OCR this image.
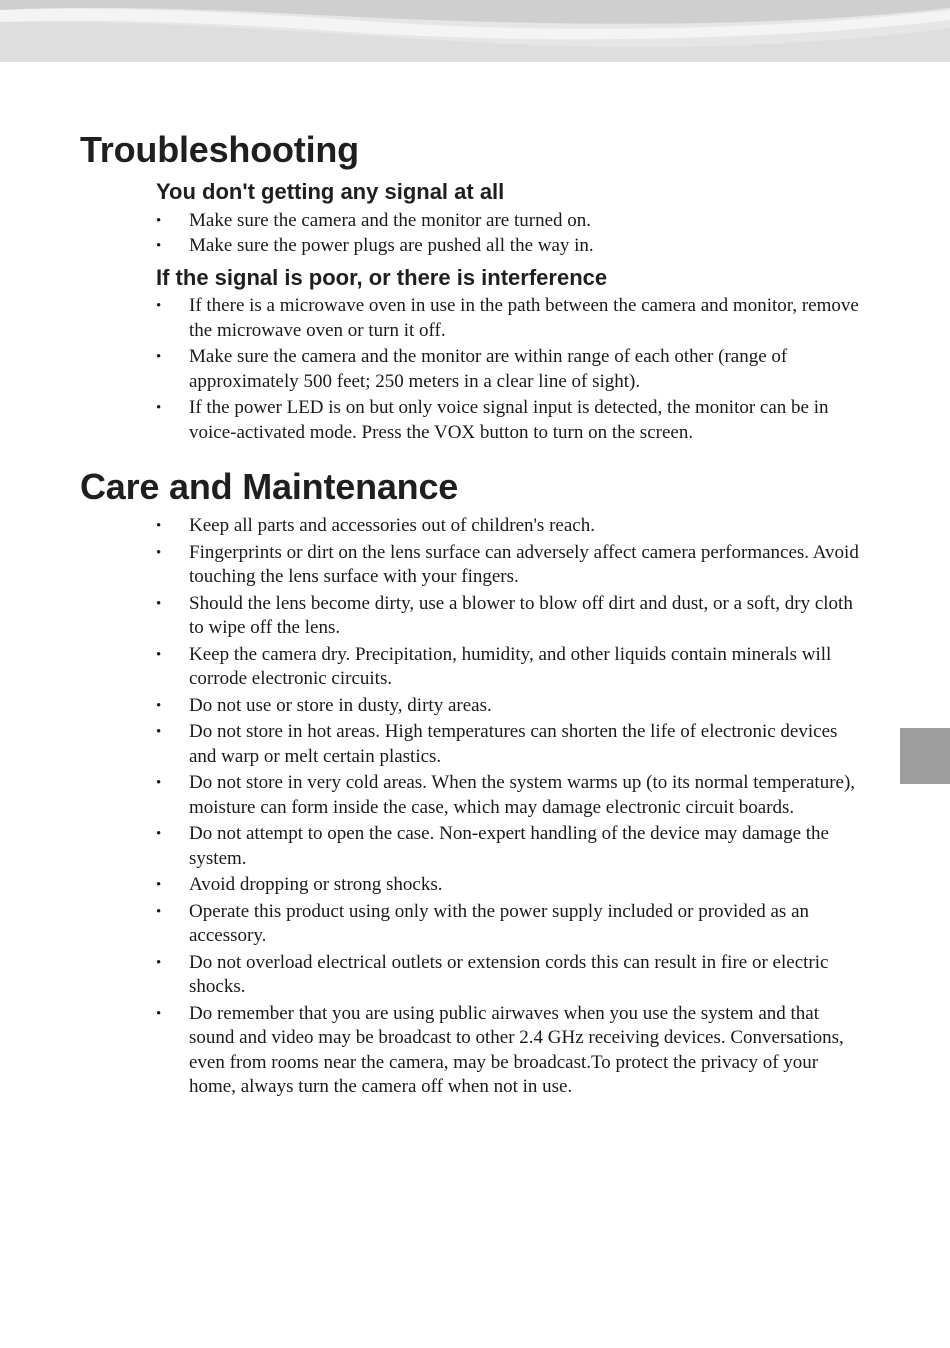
Troubleshooting
You don't getting any signal at all
• Make sure the camera and the monitor are turned on.
• Make sure the power plugs are pushed all the way in.
If the signal is poor, or there is interference
• If there is a microwave oven in use in the path between the camera and monitor, remove the microwave oven or turn it off.
• Make sure the camera and the monitor are within range of each other (range of approximately 500 feet; 250 meters in a clear line of sight).
• If the power LED is on but only voice signal input is detected, the monitor can be in voice-activated mode. Press the VOX button to turn on the screen.
Care and Maintenance
• Keep all parts and accessories out of children's reach.
• Fingerprints or dirt on the lens surface can adversely affect camera performances. Avoid touching the lens surface with your fingers.
• Should the lens become dirty, use a blower to blow off dirt and dust, or a soft, dry cloth to wipe off the lens.
• Keep the camera dry. Precipitation, humidity, and other liquids contain minerals will corrode electronic circuits.
• Do not use or store in dusty, dirty areas.
• Do not store in hot areas. High temperatures can shorten the life of electronic devices and warp or melt certain plastics.
• Do not store in very cold areas. When the system warms up (to its normal temperature), moisture can form inside the case, which may damage electronic circuit boards.
• Do not attempt to open the case. Non-expert handling of the device may damage the system.
• Avoid dropping or strong shocks.
• Operate this product using only with the power supply included or provided as an accessory.
• Do not overload electrical outlets or extension cords this can result in fire or electric shocks.
• Do remember that you are using public airwaves when you use the system and that sound and video may be broadcast to other 2.4 GHz receiving devices. Conversations, even from rooms near the camera, may be broadcast.To protect the privacy of your home, always turn the camera off when not in use.
